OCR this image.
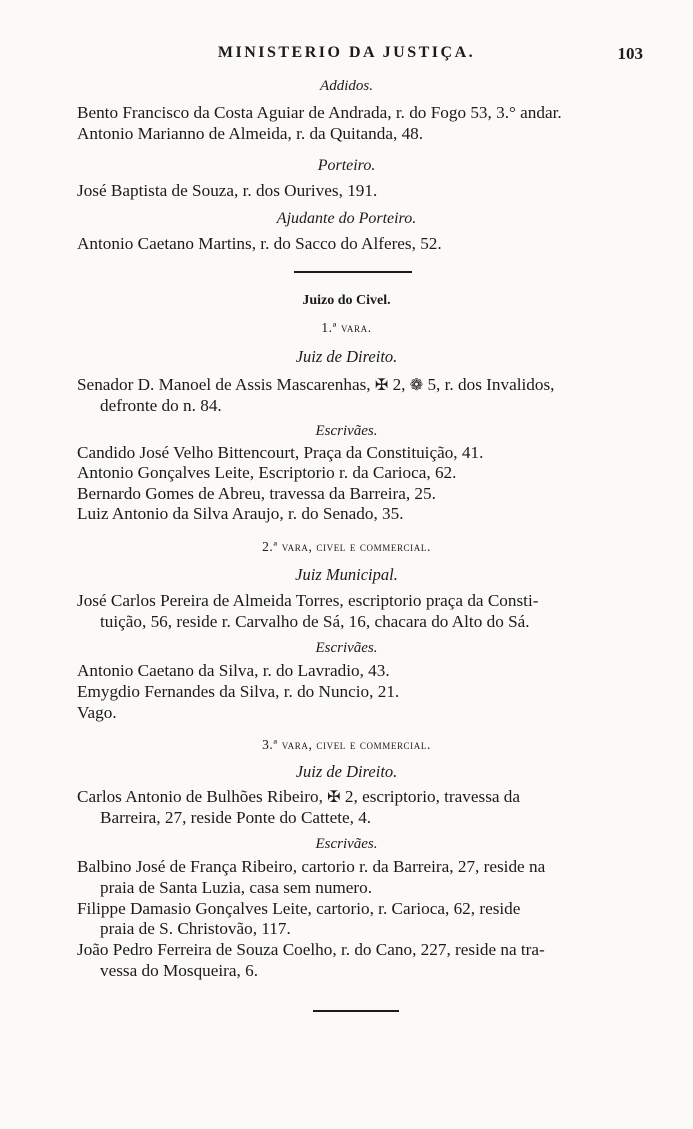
MINISTERIO DA JUSTIÇA.	103
Addidos.
Bento Francisco da Costa Aguiar de Andrada, r. do Fogo 53, 3.° andar.
Antonio Marianno de Almeida, r. da Quitanda, 48.
Porteiro.
José Baptista de Souza, r. dos Ourives, 191.
Ajudante do Porteiro.
Antonio Caetano Martins, r. do Sacco do Alferes, 52.
Juizo do Civel.
1.ª vara.
Juiz de Direito.
Senador D. Manoel de Assis Mascarenhas, ✠ 2, ❁ 5, r. dos Invalidos,
defronte do n. 84.
Escrivães.
Candido José Velho Bittencourt, Praça da Constituição, 41.
Antonio Gonçalves Leite, Escriptorio r. da Carioca, 62.
Bernardo Gomes de Abreu, travessa da Barreira, 25.
Luiz Antonio da Silva Araujo, r. do Senado, 35.
2.ª vara, civel e commercial.
Juiz Municipal.
José Carlos Pereira de Almeida Torres, escriptorio praça da Consti-
tuição, 56, reside r. Carvalho de Sá, 16, chacara do Alto do Sá.
Escrivães.
Antonio Caetano da Silva, r. do Lavradio, 43.
Emygdio Fernandes da Silva, r. do Nuncio, 21.
Vago.
3.ª vara, civel e commercial.
Juiz de Direito.
Carlos Antonio de Bulhões Ribeiro, ✠ 2, escriptorio, travessa da
Barreira, 27, reside Ponte do Cattete, 4.
Escrivães.
Balbino José de França Ribeiro, cartorio r. da Barreira, 27, reside na
praia de Santa Luzia, casa sem numero.
Filippe Damasio Gonçalves Leite, cartorio, r. Carioca, 62, reside
praia de S. Christovão, 117.
João Pedro Ferreira de Souza Coelho, r. do Cano, 227, reside na tra-
vessa do Mosqueira, 6.
